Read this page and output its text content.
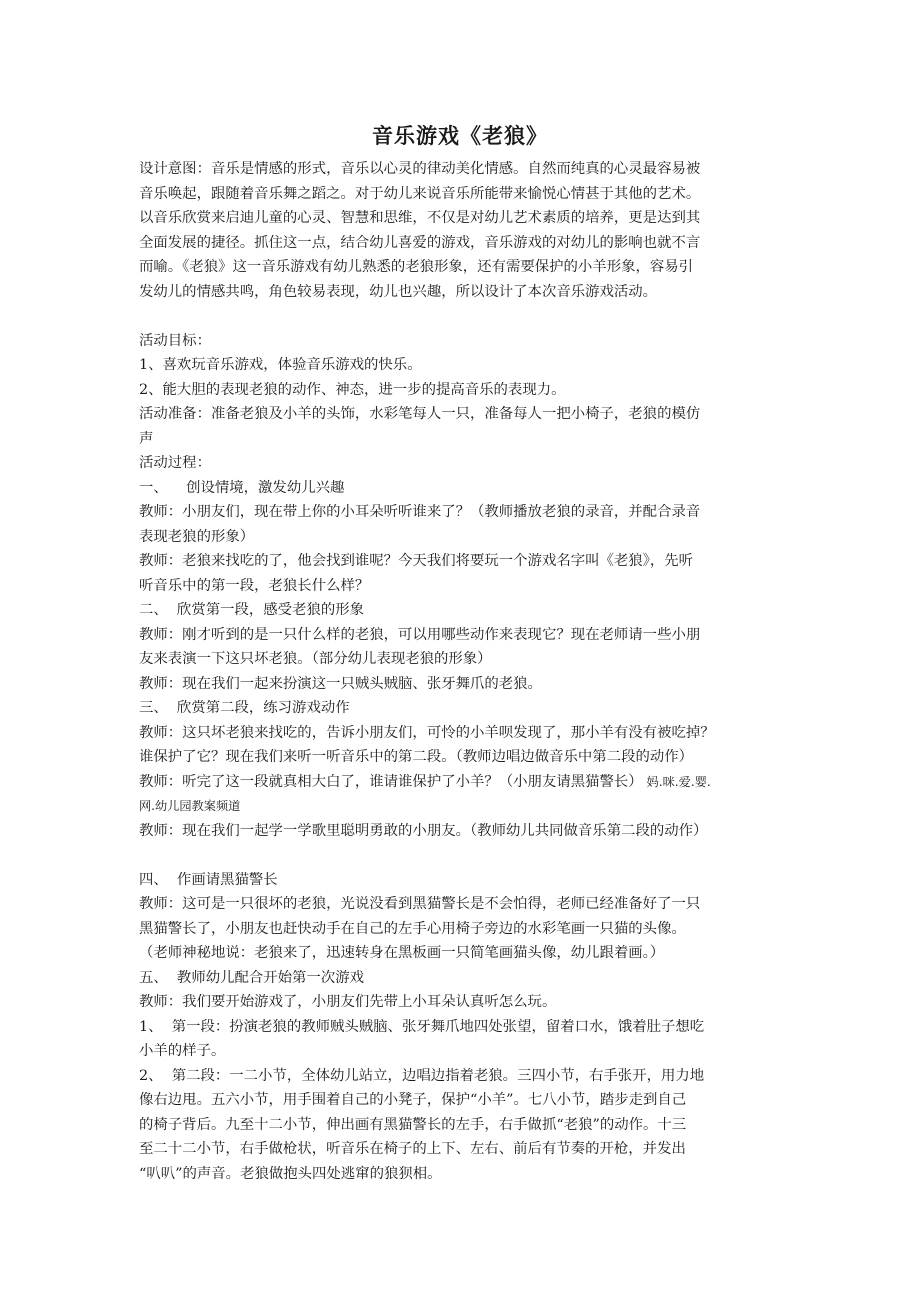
音乐游戏《老狼》
设计意图：音乐是情感的形式，音乐以心灵的律动美化情感。自然而纯真的心灵最容易被
音乐唤起，跟随着音乐舞之蹈之。对于幼儿来说音乐所能带来愉悦心情甚于其他的艺术。
以音乐欣赏来启迪儿童的心灵、智慧和思维，不仅是对幼儿艺术素质的培养，更是达到其
全面发展的捷径。抓住这一点，结合幼儿喜爱的游戏，音乐游戏的对幼儿的影响也就不言
而喻。《老狼》这一音乐游戏有幼儿熟悉的老狼形象，还有需要保护的小羊形象，容易引
发幼儿的情感共鸣，角色较易表现，幼儿也兴趣，所以设计了本次音乐游戏活动。
活动目标：
1、喜欢玩音乐游戏，体验音乐游戏的快乐。
2、能大胆的表现老狼的动作、神态，进一步的提高音乐的表现力。
活动准备：准备老狼及小羊的头饰，水彩笔每人一只，准备每人一把小椅子，老狼的模仿
声
活动过程：
一、    创设情境，激发幼儿兴趣
教师：小朋友们，现在带上你的小耳朵听听谁来了？（教师播放老狼的录音，并配合录音
表现老狼的形象）
教师：老狼来找吃的了，他会找到谁呢？今天我们将要玩一个游戏名字叫《老狼》，先听
听音乐中的第一段，老狼长什么样？
二、  欣赏第一段，感受老狼的形象
教师：刚才听到的是一只什么样的老狼，可以用哪些动作来表现它？现在老师请一些小朋
友来表演一下这只坏老狼。（部分幼儿表现老狼的形象）
教师：现在我们一起来扮演这一只贼头贼脑、张牙舞爪的老狼。
三、  欣赏第二段，练习游戏动作
教师：这只坏老狼来找吃的，告诉小朋友们，可怜的小羊呗发现了，那小羊有没有被吃掉？
谁保护了它？现在我们来听一听音乐中的第二段。（教师边唱边做音乐中第二段的动作）
教师：听完了这一段就真相大白了，谁请谁保护了小羊？（小朋友请黑猫警长） 妈.咪.爱.婴.
网.幼儿园教案频道
教师：现在我们一起学一学歌里聪明勇敢的小朋友。（教师幼儿共同做音乐第二段的动作）
四、  作画请黑猫警长
教师：这可是一只很坏的老狼，光说没看到黑猫警长是不会怕得，老师已经准备好了一只
黑猫警长了，小朋友也赶快动手在自己的左手心用椅子旁边的水彩笔画一只猫的头像。
（老师神秘地说：老狼来了，迅速转身在黑板画一只简笔画猫头像，幼儿跟着画。）
五、  教师幼儿配合开始第一次游戏
教师：我们要开始游戏了，小朋友们先带上小耳朵认真听怎么玩。
1、  第一段：扮演老狼的教师贼头贼脑、张牙舞爪地四处张望，留着口水，饿着肚子想吃
小羊的样子。
2、  第二段：一二小节，全体幼儿站立，边唱边指着老狼。三四小节，右手张开，用力地
像右边甩。五六小节，用手围着自己的小凳子，保护“小羊”。七八小节，踏步走到自己
的椅子背后。九至十二小节，伸出画有黑猫警长的左手，右手做抓“老狼”的动作。十三
至二十二小节，右手做枪状，听音乐在椅子的上下、左右、前后有节奏的开枪，并发出
“叭叭”的声音。老狼做抱头四处逃窜的狼狈相。
